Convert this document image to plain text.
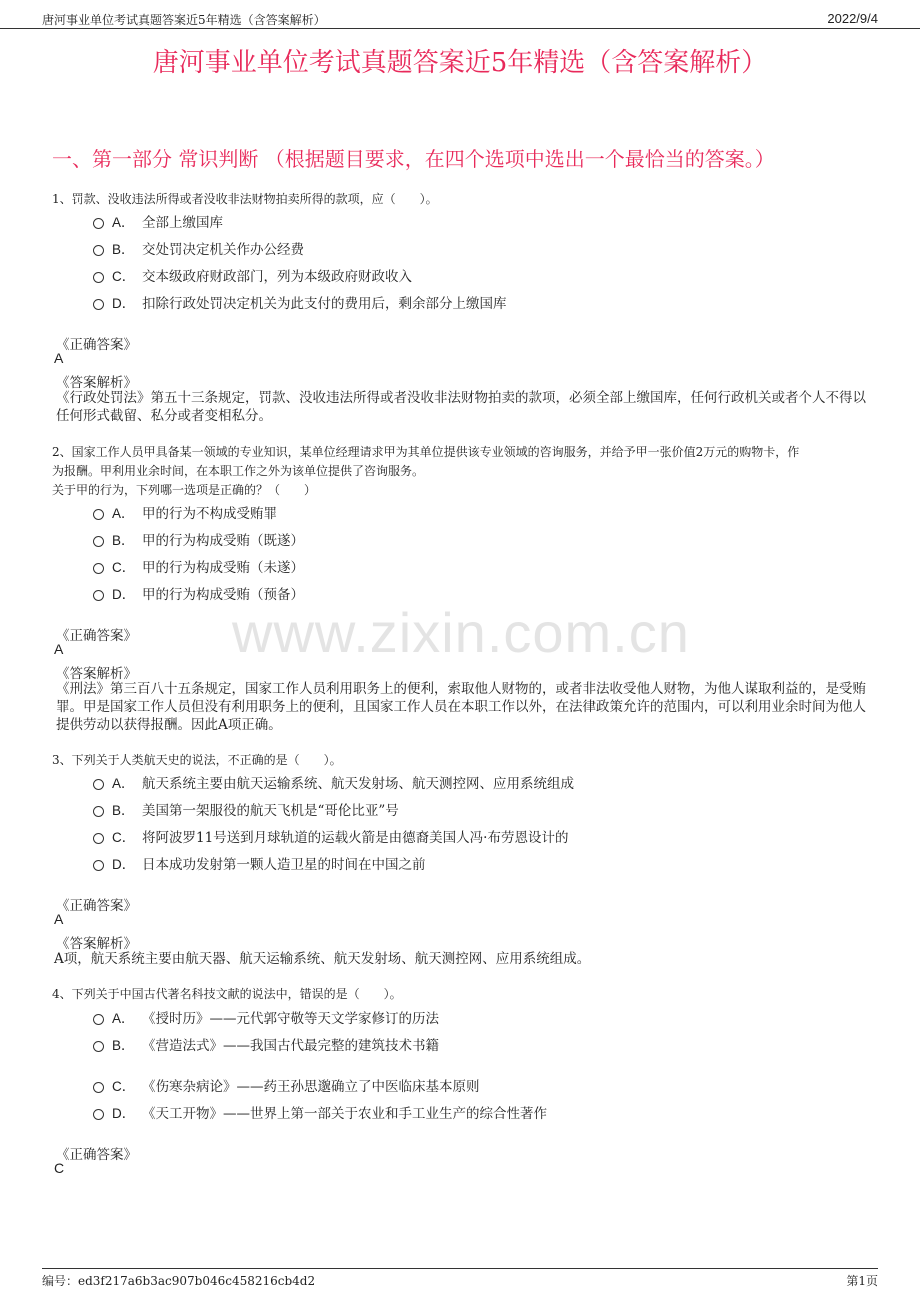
唐河事业单位考试真题答案近5年精选（含答案解析）	2022/9/4
唐河事业单位考试真题答案近5年精选（含答案解析）
一、第一部分 常识判断 （根据题目要求，在四个选项中选出一个最恰当的答案。）
1、罚款、没收违法所得或者没收非法财物拍卖所得的款项，应（　　）。
A． 全部上缴国库
B． 交处罚决定机关作办公经费
C． 交本级政府财政部门，列为本级政府财政收入
D． 扣除行政处罚决定机关为此支付的费用后，剩余部分上缴国库
《正确答案》
A
《答案解析》
《行政处罚法》第五十三条规定，罚款、没收违法所得或者没收非法财物拍卖的款项，必须全部上缴国库，任何行政机关或者个人不得以任何形式截留、私分或者变相私分。
2、国家工作人员甲具备某一领域的专业知识，某单位经理请求甲为其单位提供该专业领域的咨询服务，并给予甲一张价值2万元的购物卡，作
为报酬。甲利用业余时间，在本职工作之外为该单位提供了咨询服务。
关于甲的行为，下列哪一选项是正确的？（　　）
A． 甲的行为不构成受贿罪
B． 甲的行为构成受贿（既遂）
C． 甲的行为构成受贿（未遂）
D． 甲的行为构成受贿（预备）
《正确答案》
A
《答案解析》
《刑法》第三百八十五条规定，国家工作人员利用职务上的便利，索取他人财物的，或者非法收受他人财物，为他人谋取利益的，是受贿罪。甲是国家工作人员但没有利用职务上的便利，且国家工作人员在本职工作以外，在法律政策允许的范围内，可以利用业余时间为他人提供劳动以获得报酬。因此A项正确。
3、下列关于人类航天史的说法，不正确的是（　　）。
A． 航天系统主要由航天运输系统、航天发射场、航天测控网、应用系统组成
B． 美国第一架服役的航天飞机是“哥伦比亚”号
C． 将阿波罗11号送到月球轨道的运载火箭是由德裔美国人冯·布劳恩设计的
D． 日本成功发射第一颗人造卫星的时间在中国之前
《正确答案》
A
《答案解析》
A项，航天系统主要由航天器、航天运输系统、航天发射场、航天测控网、应用系统组成。
4、下列关于中国古代著名科技文献的说法中，错误的是（　　）。
A． 《授时历》——元代郭守敬等天文学家修订的历法
B． 《营造法式》——我国古代最完整的建筑技术书籍
C． 《伤寒杂病论》——药王孙思邈确立了中医临床基本原则
D． 《天工开物》——世界上第一部关于农业和手工业生产的综合性著作
《正确答案》
C
www.zixin.com.cn
编号：ed3f217a6b3ac907b046c458216cb4d2	第1页
